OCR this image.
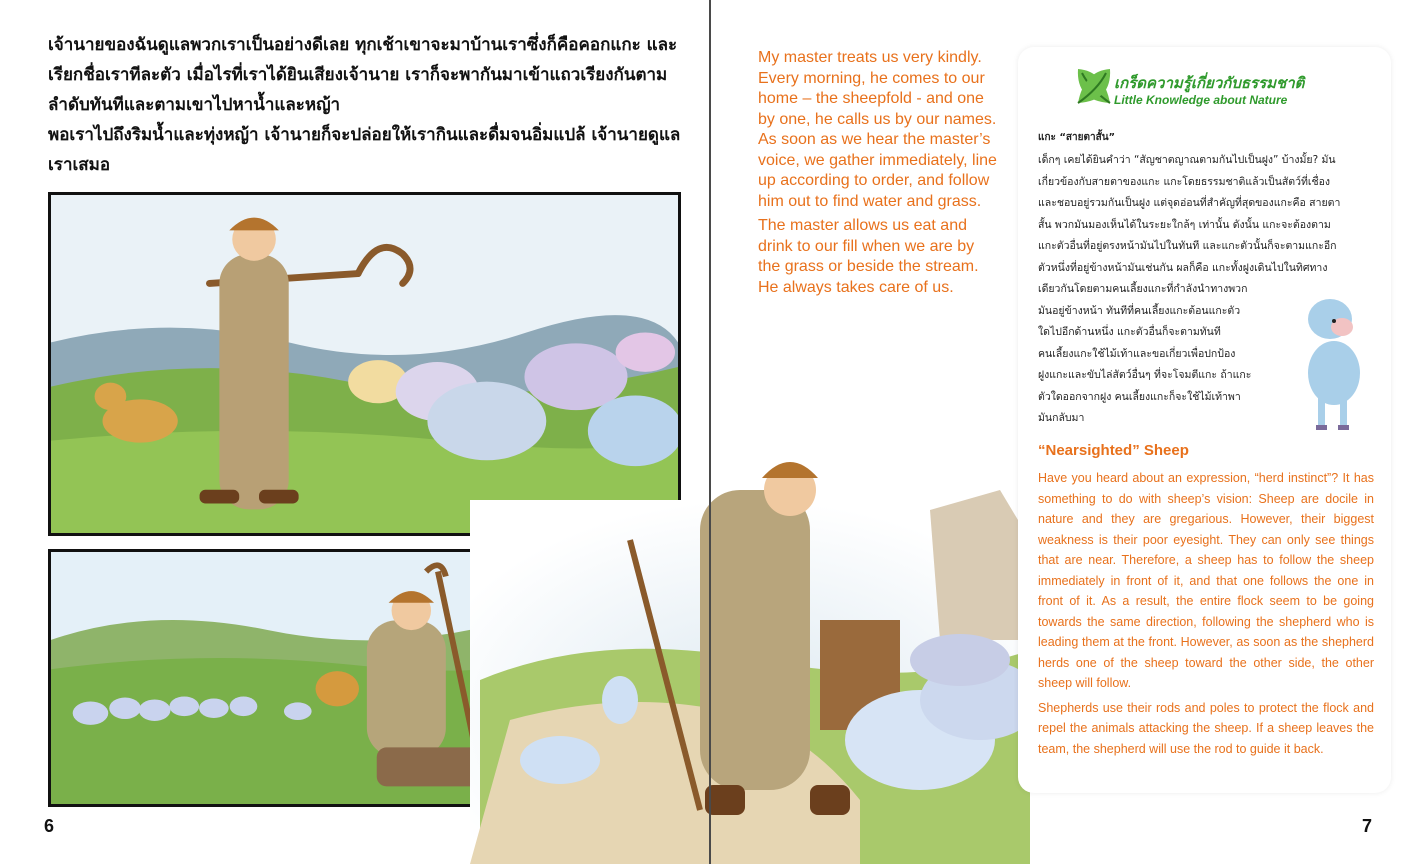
เจ้านายของฉันดูแลพวกเราเป็นอย่างดีเลย ทุกเช้าเขาจะมาบ้านเราซึ่งก็คือคอกแกะ และเรียกชื่อเราทีละตัว เมื่อไรที่เราได้ยินเสียงเจ้านาย เราก็จะพากันมาเข้าแถวเรียงกันตามลำดับทันทีและตามเขาไปหาน้ำและหญ้า

พอเราไปถึงริมน้ำและทุ่งหญ้า เจ้านายก็จะปล่อยให้เรากินและดื่มจนอิ่มแปล้ เจ้านายดูแลเราเสมอ

6

My master treats us very kindly. Every morning, he comes to our home – the sheepfold - and one by one, he calls us by our names. As soon as we hear the master’s voice, we gather immediately, line up according to order, and follow him out to find water and grass.

The master allows us eat and drink to our fill when we are by the grass or beside the stream. He always takes care of us.

เกร็ดความรู้เกี่ยวกับธรรมชาติ
Little Knowledge about Nature
แกะ “สายตาสั้น”
เด็กๆ เคยได้ยินคำว่า “สัญชาตญาณตามกันไปเป็นฝูง” บ้างมั้ย? มัน
เกี่ยวข้องกับสายตาของแกะ แกะโดยธรรมชาติแล้วเป็นสัตว์ที่เชื่อง
และชอบอยู่รวมกันเป็นฝูง แต่จุดอ่อนที่สำคัญที่สุดของแกะคือ สายตา
สั้น พวกมันมองเห็นได้ในระยะใกล้ๆ เท่านั้น ดังนั้น แกะจะต้องตาม
แกะตัวอื่นที่อยู่ตรงหน้ามันไปในทันที และแกะตัวนั้นก็จะตามแกะอีก
ตัวหนึ่งที่อยู่ข้างหน้ามันเช่นกัน ผลก็คือ แกะทั้งฝูงเดินไปในทิศทาง
เดียวกันโดยตามคนเลี้ยงแกะที่กำลังนำทางพวก
มันอยู่ข้างหน้า ทันทีที่คนเลี้ยงแกะต้อนแกะตัว
ใดไปอีกด้านหนึ่ง แกะตัวอื่นก็จะตามทันที
คนเลี้ยงแกะใช้ไม้เท้าและขอเกี่ยวเพื่อปกป้อง
ฝูงแกะและขับไล่สัตว์อื่นๆ ที่จะโจมตีแกะ ถ้าแกะ
ตัวใดออกจากฝูง คนเลี้ยงแกะก็จะใช้ไม้เท้าพา
มันกลับมา
“Nearsighted” Sheep

Have you heard about an expression, “herd instinct”? It has something to do with sheep’s vision: Sheep are docile in nature and they are gregarious. However, their biggest weakness is their poor eyesight. They can only see things that are near. Therefore, a sheep has to follow the sheep immediately in front of it, and that one follows the one in front of it. As a result, the entire flock seem to be going towards the same direction, following the shepherd who is leading them at the front. However, as soon as the shepherd herds one of the sheep toward the other side, the other sheep will follow.

Shepherds use their rods and poles to protect the flock and repel the animals attacking the sheep. If a sheep leaves the team, the shepherd will use the rod to guide it back.

7
